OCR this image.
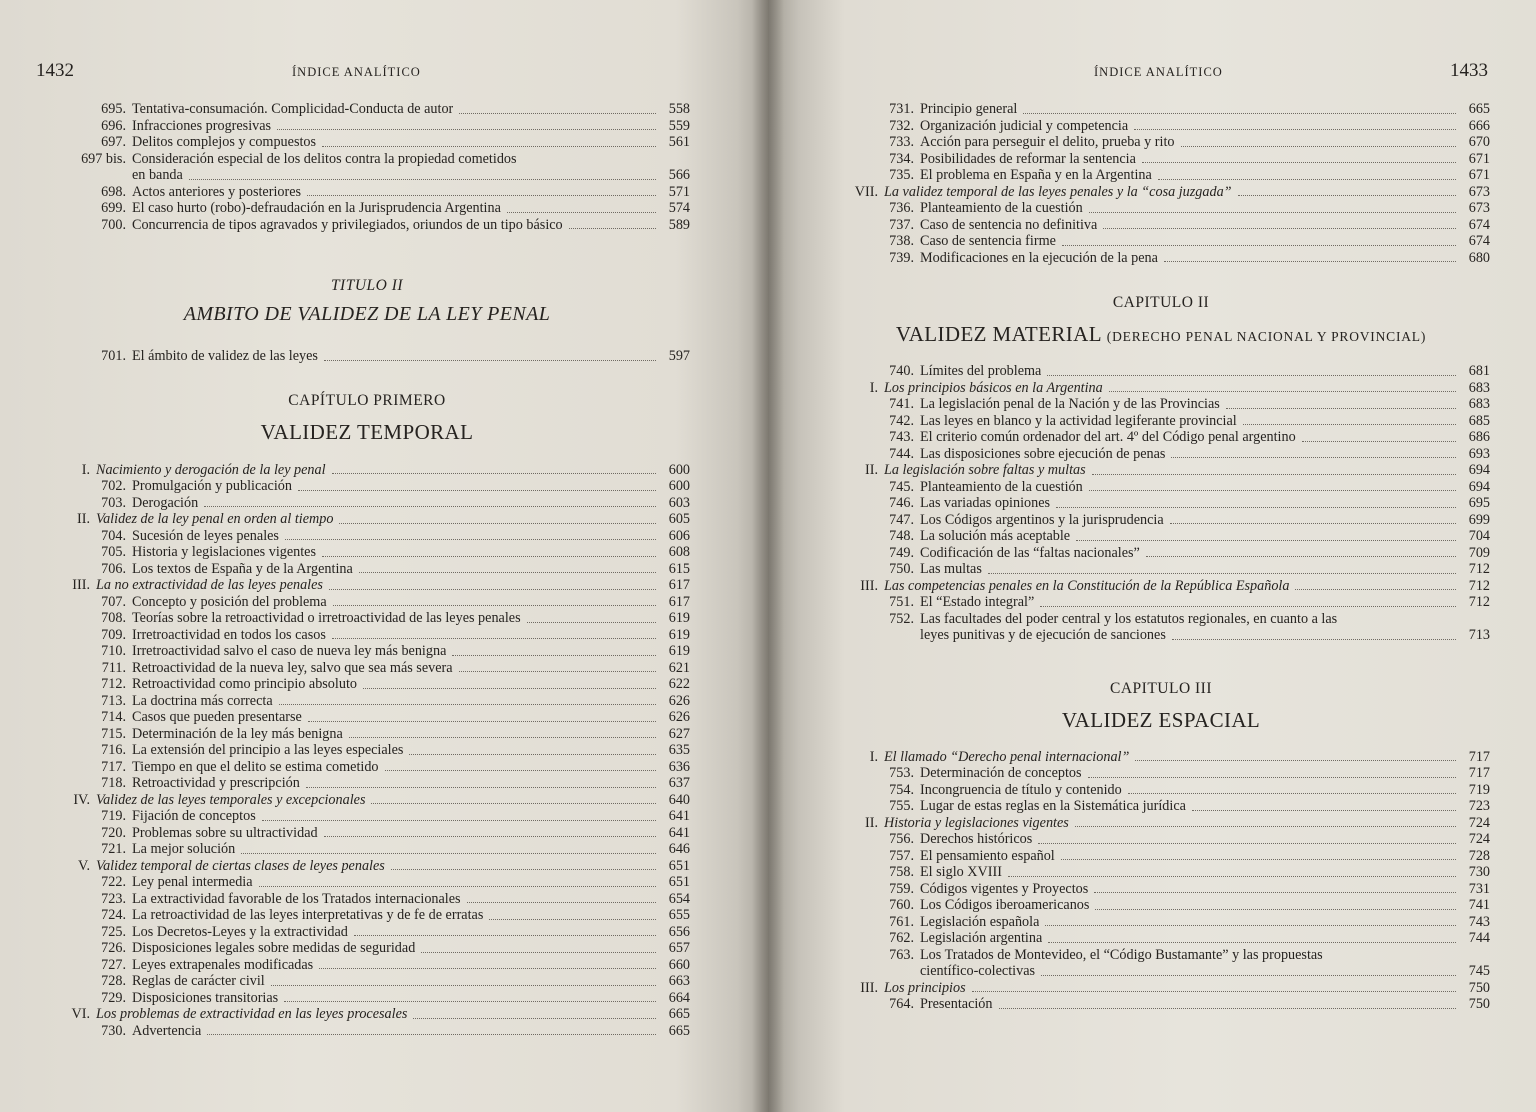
1432	ÍNDICE ANALÍTICO
695. Tentativa-consumación. Complicidad-Conducta de autor	558
696. Infracciones progresivas	559
697. Delitos complejos y compuestos	561
697 bis. Consideración especial de los delitos contra la propiedad cometidos
en banda	566
698. Actos anteriores y posteriores	571
699. El caso hurto (robo)-defraudación en la Jurisprudencia Argentina	574
700. Concurrencia de tipos agravados y privilegiados, oriundos de un tipo básico	589
TITULO II
AMBITO DE VALIDEZ DE LA LEY PENAL
701. El ámbito de validez de las leyes	597
CAPÍTULO PRIMERO
VALIDEZ TEMPORAL
I. Nacimiento y derogación de la ley penal	600
702. Promulgación y publicación	600
703. Derogación	603
II. Validez de la ley penal en orden al tiempo	605
704. Sucesión de leyes penales	606
705. Historia y legislaciones vigentes	608
706. Los textos de España y de la Argentina	615
III. La no extractividad de las leyes penales	617
707. Concepto y posición del problema	617
708. Teorías sobre la retroactividad o irretroactividad de las leyes penales	619
709. Irretroactividad en todos los casos	619
710. Irretroactividad salvo el caso de nueva ley más benigna	619
711. Retroactividad de la nueva ley, salvo que sea más severa	621
712. Retroactividad como principio absoluto	622
713. La doctrina más correcta	626
714. Casos que pueden presentarse	626
715. Determinación de la ley más benigna	627
716. La extensión del principio a las leyes especiales	635
717. Tiempo en que el delito se estima cometido	636
718. Retroactividad y prescripción	637
IV. Validez de las leyes temporales y excepcionales	640
719. Fijación de conceptos	641
720. Problemas sobre su ultractividad	641
721. La mejor solución	646
V. Validez temporal de ciertas clases de leyes penales	651
722. Ley penal intermedia	651
723. La extractividad favorable de los Tratados internacionales	654
724. La retroactividad de las leyes interpretativas y de fe de erratas	655
725. Los Decretos-Leyes y la extractividad	656
726. Disposiciones legales sobre medidas de seguridad	657
727. Leyes extrapenales modificadas	660
728. Reglas de carácter civil	663
729. Disposiciones transitorias	664
VI. Los problemas de extractividad en las leyes procesales	665
730. Advertencia	665
ÍNDICE ANALÍTICO	1433
731. Principio general	665
732. Organización judicial y competencia	666
733. Acción para perseguir el delito, prueba y rito	670
734. Posibilidades de reformar la sentencia	671
735. El problema en España y en la Argentina	671
VII. La validez temporal de las leyes penales y la “cosa juzgada”	673
736. Planteamiento de la cuestión	673
737. Caso de sentencia no definitiva	674
738. Caso de sentencia firme	674
739. Modificaciones en la ejecución de la pena	680
CAPITULO II
VALIDEZ MATERIAL (DERECHO PENAL NACIONAL Y PROVINCIAL)
740. Límites del problema	681
I. Los principios básicos en la Argentina	683
741. La legislación penal de la Nación y de las Provincias	683
742. Las leyes en blanco y la actividad legiferante provincial	685
743. El criterio común ordenador del art. 4º del Código penal argentino	686
744. Las disposiciones sobre ejecución de penas	693
II. La legislación sobre faltas y multas	694
745. Planteamiento de la cuestión	694
746. Las variadas opiniones	695
747. Los Códigos argentinos y la jurisprudencia	699
748. La solución más aceptable	704
749. Codificación de las “faltas nacionales”	709
750. Las multas	712
III. Las competencias penales en la Constitución de la República Española	712
751. El “Estado integral”	712
752. Las facultades del poder central y los estatutos regionales, en cuanto a las
leyes punitivas y de ejecución de sanciones	713
CAPITULO III
VALIDEZ ESPACIAL
I. El llamado “Derecho penal internacional”	717
753. Determinación de conceptos	717
754. Incongruencia de título y contenido	719
755. Lugar de estas reglas en la Sistemática jurídica	723
II. Historia y legislaciones vigentes	724
756. Derechos históricos	724
757. El pensamiento español	728
758. El siglo XVIII	730
759. Códigos vigentes y Proyectos	731
760. Los Códigos iberoamericanos	741
761. Legislación española	743
762. Legislación argentina	744
763. Los Tratados de Montevideo, el “Código Bustamante” y las propuestas
científico-colectivas	745
III. Los principios	750
764. Presentación	750
